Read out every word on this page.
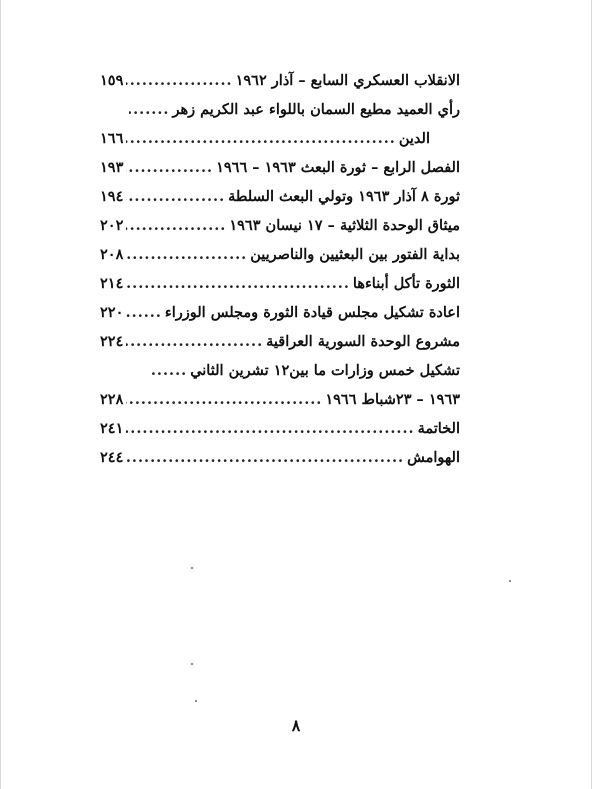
الانقلاب العسكري السابع – آذار ١٩٦٢
.....
١٥٩
رأي العميد مطيع السمان باللواء عبد الكريم زهر
.....
الدين
.....
١٦٦
الفصل الرابع – ثورة البعث ١٩٦٣ – ١٩٦٦
.....
١٩٣
ثورة ٨ آذار ١٩٦٣ وتولي البعث السلطة
.....
١٩٤
ميثاق الوحدة الثلاثية – ١٧ نيسان ١٩٦٣
.....
٢٠٢
بداية الفتور بين البعثيين والناصريين
.....
٢٠٨
الثورة تأكل أبناءها
.....
٢١٤
اعادة تشكيل مجلس قيادة الثورة ومجلس الوزراء
.....
٢٢٠
مشروع الوحدة السورية العراقية
.....
٢٢٤
تشكيل خمس وزارات ما بين١٢ تشرين الثاني
.....
١٩٦٣ – ٢٣شباط ١٩٦٦
.....
٢٢٨
الخاتمة
.....
٢٤١
الهوامش
.....
٢٤٤
٨
